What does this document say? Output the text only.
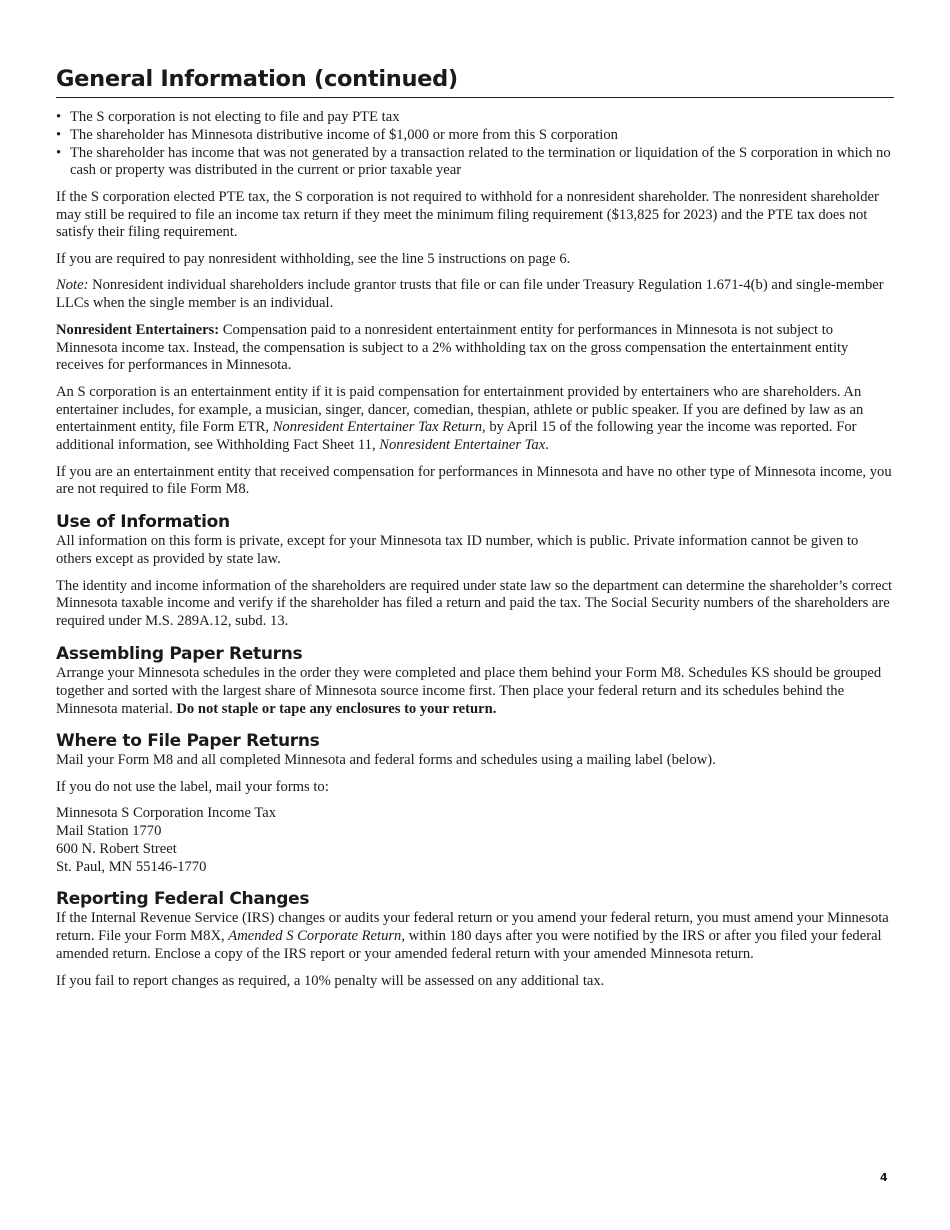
General Information (continued)
• The S corporation is not electing to file and pay PTE tax
• The shareholder has Minnesota distributive income of $1,000 or more from this S corporation
• The shareholder has income that was not generated by a transaction related to the termination or liquidation of the S corporation in which no cash or property was distributed in the current or prior taxable year

If the S corporation elected PTE tax, the S corporation is not required to withhold for a nonresident shareholder. The nonresident shareholder may still be required to file an income tax return if they meet the minimum filing requirement ($13,825 for 2023) and the PTE tax does not satisfy their filing requirement.

If you are required to pay nonresident withholding, see the line 5 instructions on page 6.

Note: Nonresident individual shareholders include grantor trusts that file or can file under Treasury Regulation 1.671-4(b) and single-member LLCs when the single member is an individual.

Nonresident Entertainers: Compensation paid to a nonresident entertainment entity for performances in Minnesota is not subject to Minnesota income tax. Instead, the compensation is subject to a 2% withholding tax on the gross compensation the entertainment entity receives for performances in Minnesota.

An S corporation is an entertainment entity if it is paid compensation for entertainment provided by entertainers who are shareholders. An entertainer includes, for example, a musician, singer, dancer, comedian, thespian, athlete or public speaker. If you are defined by law as an entertainment entity, file Form ETR, Nonresident Entertainer Tax Return, by April 15 of the following year the income was reported. For additional information, see Withholding Fact Sheet 11, Nonresident Entertainer Tax.

If you are an entertainment entity that received compensation for performances in Minnesota and have no other type of Minnesota income, you are not required to file Form M8.

Use of Information

All information on this form is private, except for your Minnesota tax ID number, which is public. Private information cannot be given to others except as provided by state law.

The identity and income information of the shareholders are required under state law so the department can determine the shareholder’s correct Minnesota taxable income and verify if the shareholder has filed a return and paid the tax. The Social Security numbers of the shareholders are required under M.S. 289A.12, subd. 13.

Assembling Paper Returns

Arrange your Minnesota schedules in the order they were completed and place them behind your Form M8. Schedules KS should be grouped together and sorted with the largest share of Minnesota source income first. Then place your federal return and its schedules behind the Minnesota material. Do not staple or tape any enclosures to your return.

Where to File Paper Returns

Mail your Form M8 and all completed Minnesota and federal forms and schedules using a mailing label (below).

If you do not use the label, mail your forms to:

Minnesota S Corporation Income Tax
Mail Station 1770
600 N. Robert Street
St. Paul, MN 55146-1770
Reporting Federal Changes

If the Internal Revenue Service (IRS) changes or audits your federal return or you amend your federal return, you must amend your Minnesota return. File your Form M8X, Amended S Corporate Return, within 180 days after you were notified by the IRS or after you filed your federal amended return. Enclose a copy of the IRS report or your amended federal return with your amended Minnesota return.

If you fail to report changes as required, a 10% penalty will be assessed on any additional tax.

4
